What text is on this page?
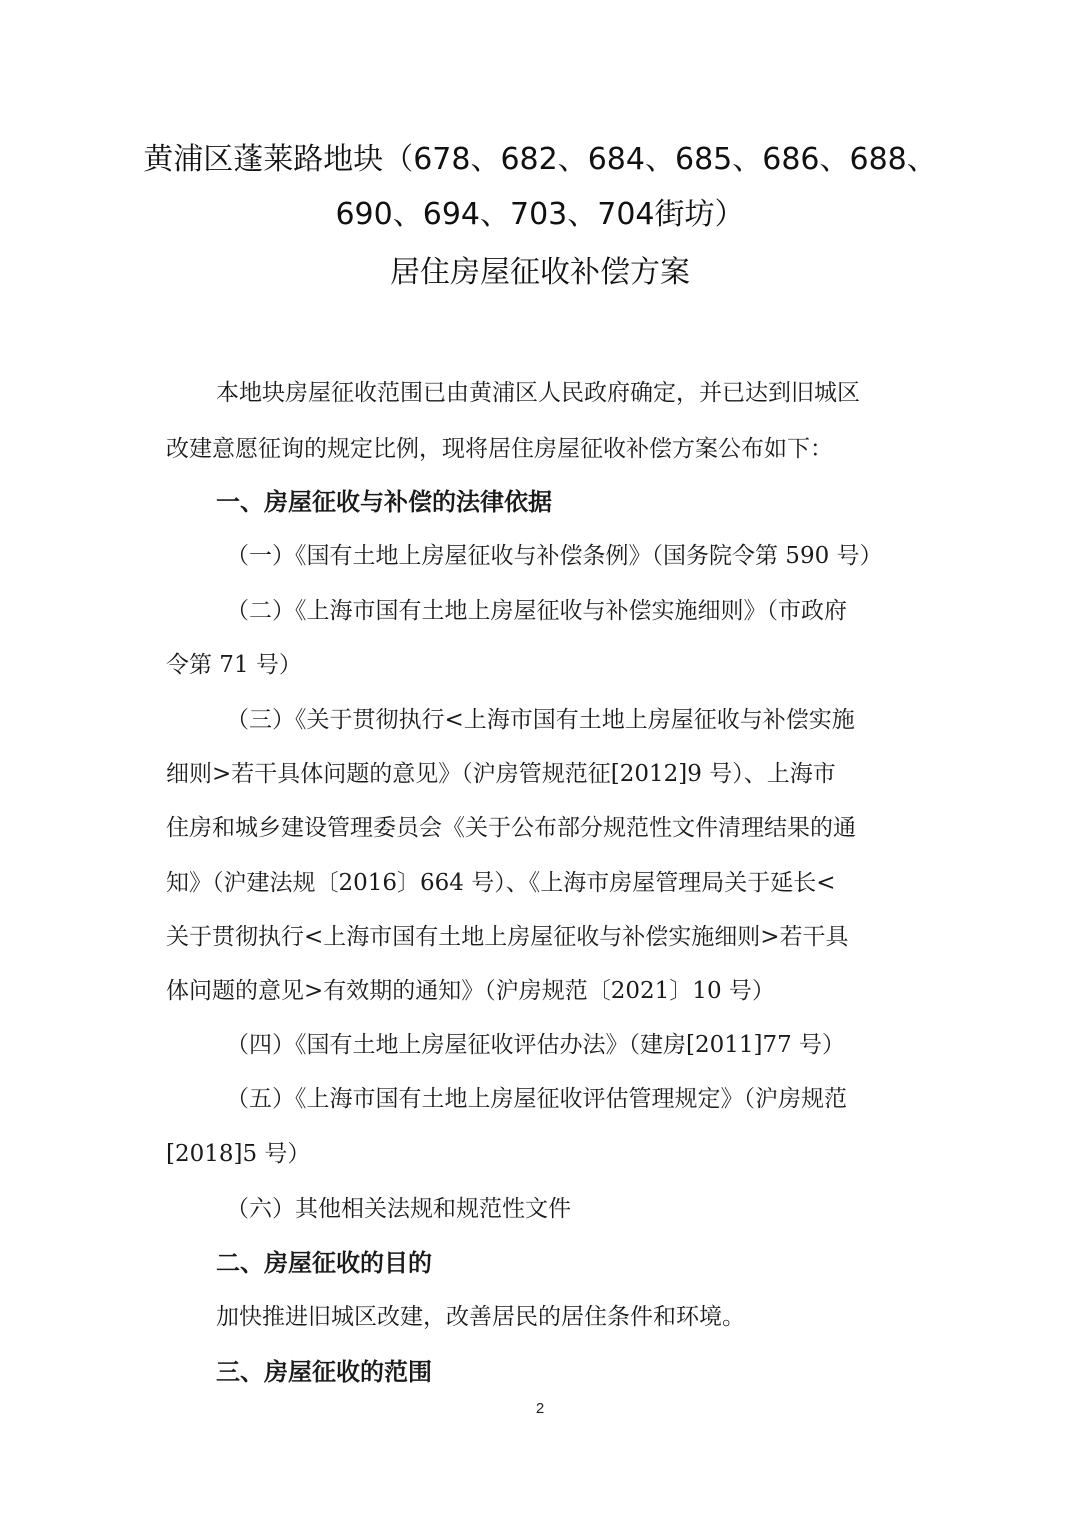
黄浦区蓬莱路地块（678、682、684、685、686、688、
690、694、703、704街坊）
居住房屋征收补偿方案
本地块房屋征收范围已由黄浦区人民政府确定，并已达到旧城区
改建意愿征询的规定比例，现将居住房屋征收补偿方案公布如下：
一、房屋征收与补偿的法律依据
（一）《国有土地上房屋征收与补偿条例》（国务院令第 590 号）
（二）《上海市国有土地上房屋征收与补偿实施细则》（市政府
令第 71 号）
（三）《关于贯彻执行<上海市国有土地上房屋征收与补偿实施
细则>若干具体问题的意见》（沪房管规范征[2012]9 号）、上海市
住房和城乡建设管理委员会《关于公布部分规范性文件清理结果的通
知》（沪建法规〔2016〕664 号）、《上海市房屋管理局关于延长<
关于贯彻执行<上海市国有土地上房屋征收与补偿实施细则>若干具
体问题的意见>有效期的通知》（沪房规范〔2021〕10 号）
（四）《国有土地上房屋征收评估办法》（建房[2011]77 号）
（五）《上海市国有土地上房屋征收评估管理规定》（沪房规范
[2018]5 号）
（六）其他相关法规和规范性文件
二、房屋征收的目的
加快推进旧城区改建，改善居民的居住条件和环境。
三、房屋征收的范围
2
